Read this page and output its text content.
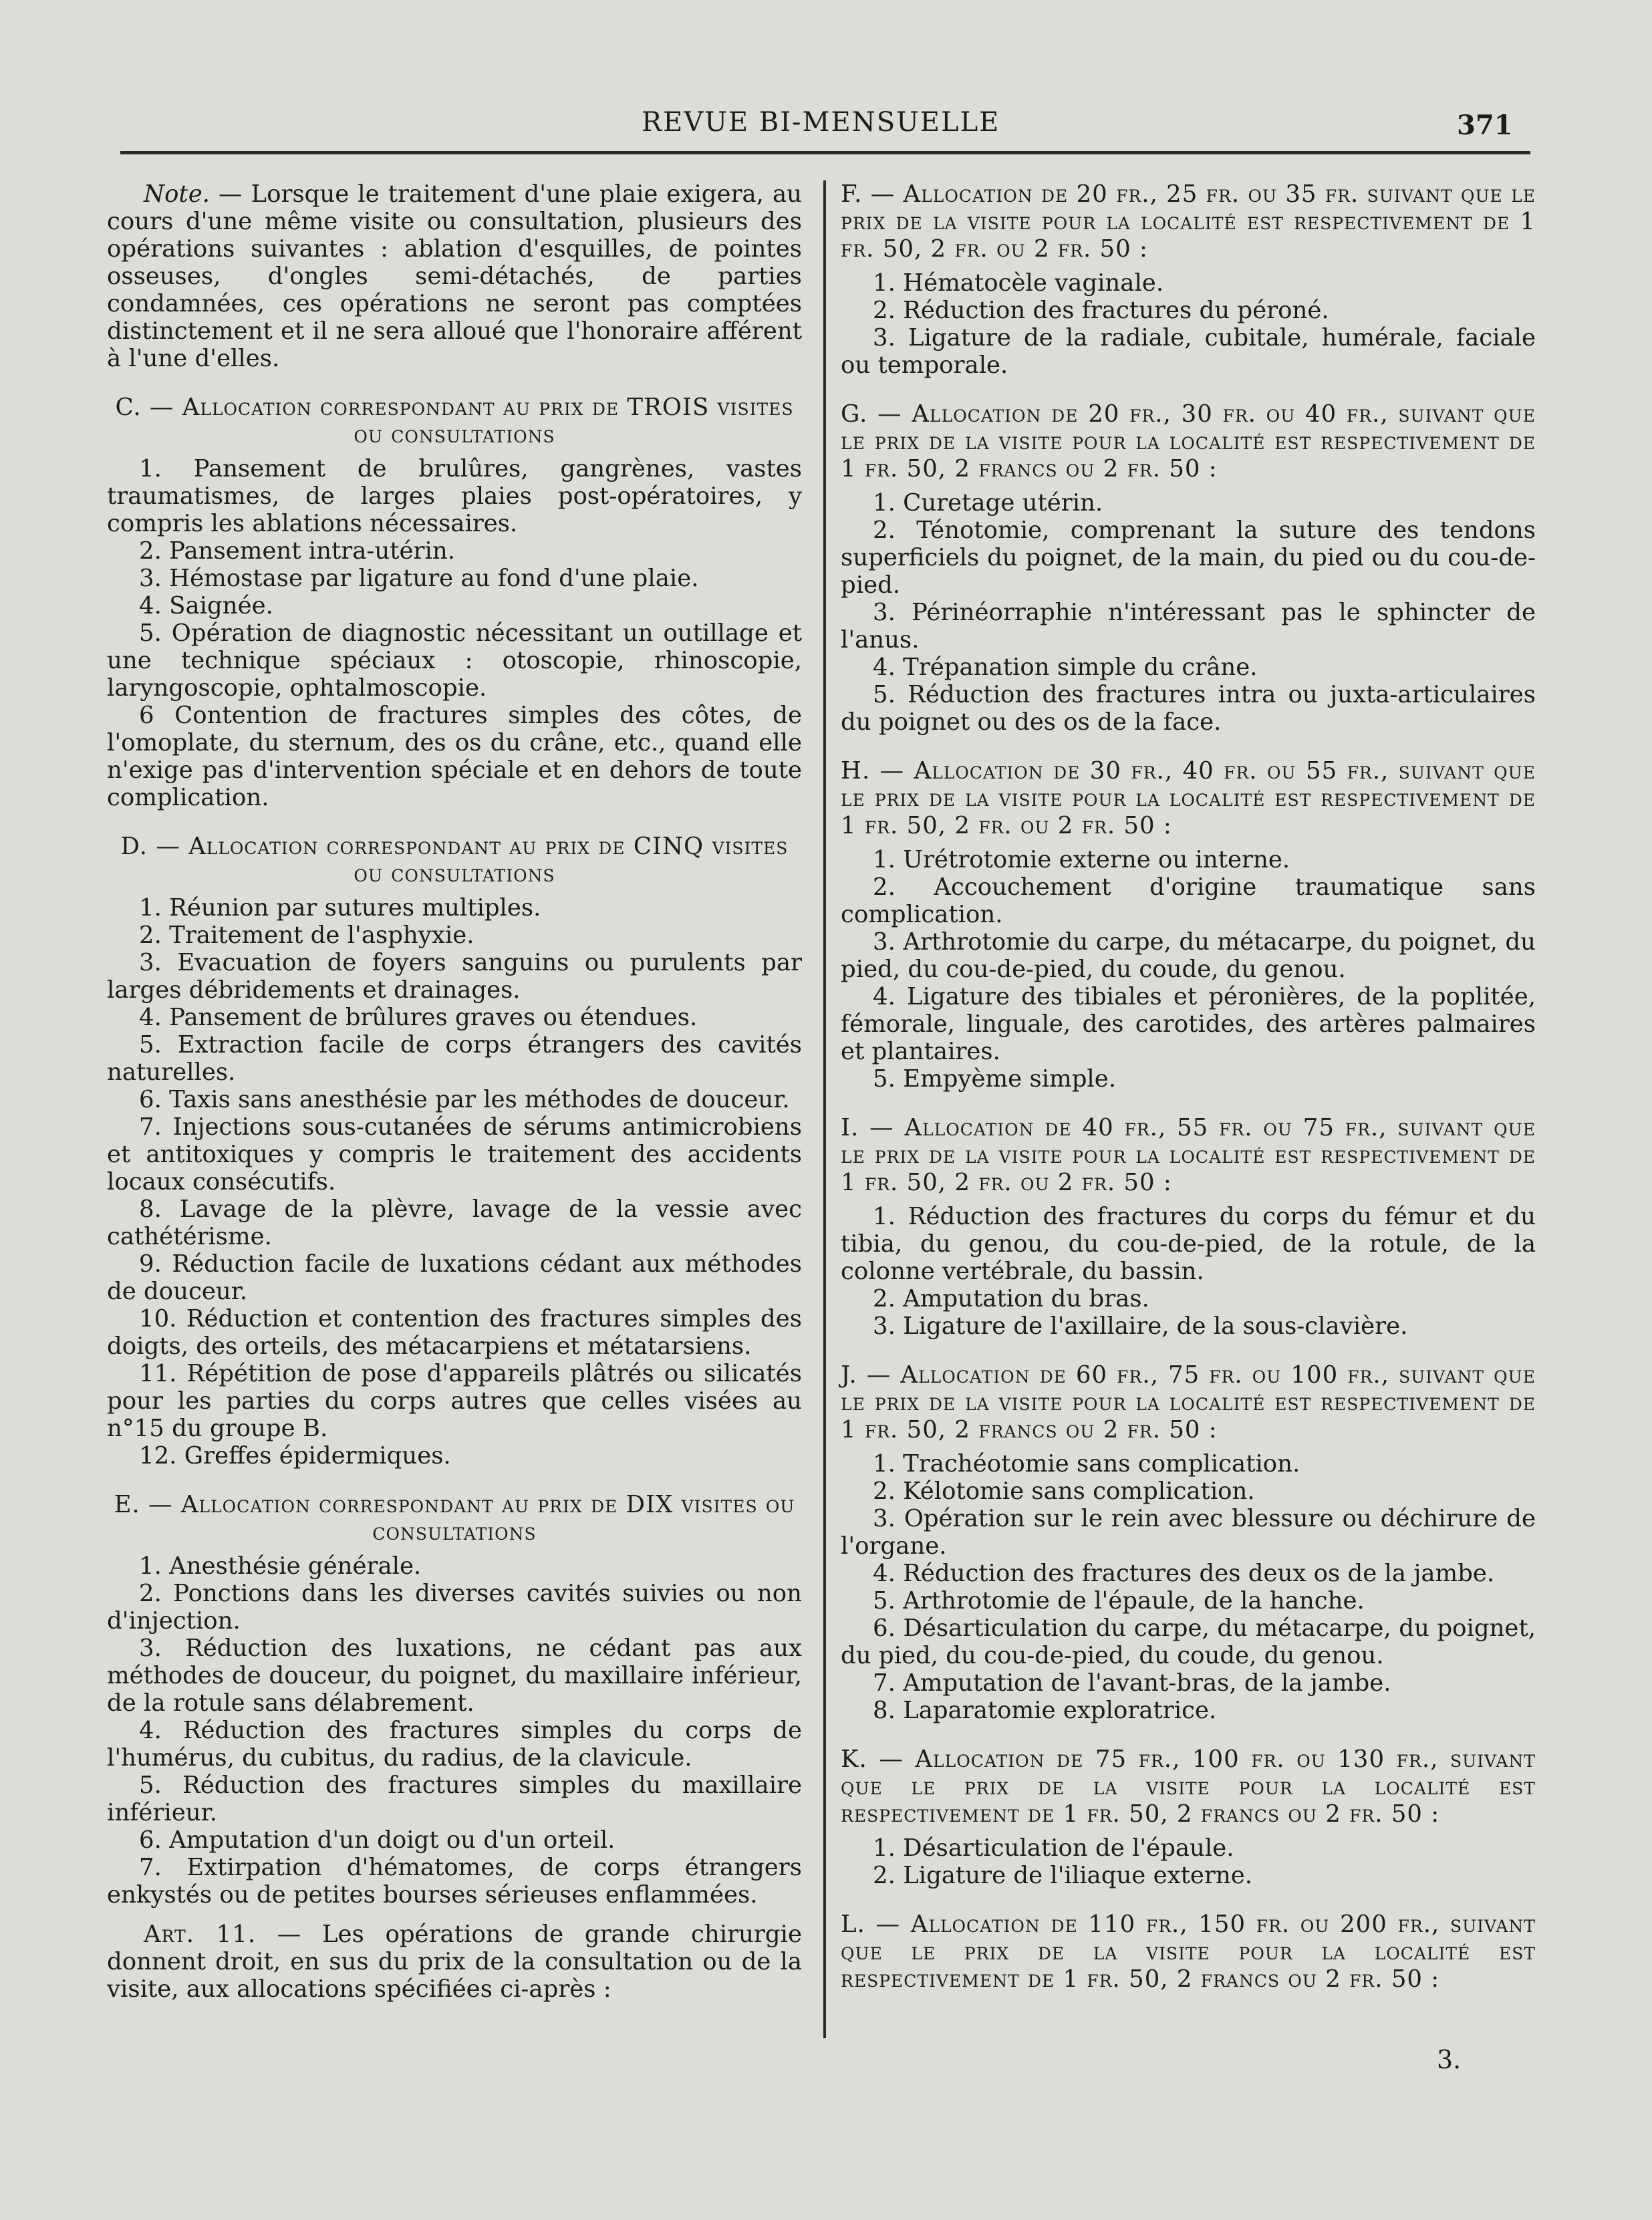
REVUE BI-MENSUELLE	371

Note. — Lorsque le traitement d'une plaie exigera, au cours d'une même visite ou consultation, plusieurs des opérations suivantes : ablation d'esquilles, de pointes osseuses, d'ongles semi-détachés, de parties condamnées, ces opérations ne seront pas comptées distinctement et il ne sera alloué que l'honoraire afférent à l'une d'elles.

C. — Allocation correspondant au prix de TROIS visites ou consultations

1. Pansement de brulûres, gangrènes, vastes traumatismes, de larges plaies post-opératoires, y compris les ablations nécessaires.

2. Pansement intra-utérin.

3. Hémostase par ligature au fond d'une plaie.

4. Saignée.

5. Opération de diagnostic nécessitant un outillage et une technique spéciaux : otoscopie, rhinoscopie, laryngoscopie, ophtalmoscopie.

6 Contention de fractures simples des côtes, de l'omoplate, du sternum, des os du crâne, etc., quand elle n'exige pas d'intervention spéciale et en dehors de toute complication.

D. — Allocation correspondant au prix de CINQ visites ou consultations

1. Réunion par sutures multiples.

2. Traitement de l'asphyxie.

3. Evacuation de foyers sanguins ou purulents par larges débridements et drainages.

4. Pansement de brûlures graves ou étendues.

5. Extraction facile de corps étrangers des cavités naturelles.

6. Taxis sans anesthésie par les méthodes de douceur.

7. Injections sous-cutanées de sérums antimicrobiens et antitoxiques y compris le traitement des accidents locaux consécutifs.

8. Lavage de la plèvre, lavage de la vessie avec cathétérisme.

9. Réduction facile de luxations cédant aux méthodes de douceur.

10. Réduction et contention des fractures simples des doigts, des orteils, des métacarpiens et métatarsiens.

11. Répétition de pose d'appareils plâtrés ou silicatés pour les parties du corps autres que celles visées au n°15 du groupe B.

12. Greffes épidermiques.

E. — Allocation correspondant au prix de DIX visites ou consultations

1. Anesthésie générale.

2. Ponctions dans les diverses cavités suivies ou non d'injection.

3. Réduction des luxations, ne cédant pas aux méthodes de douceur, du poignet, du maxillaire inférieur, de la rotule sans délabrement.

4. Réduction des fractures simples du corps de l'humérus, du cubitus, du radius, de la clavicule.

5. Réduction des fractures simples du maxillaire inférieur.

6. Amputation d'un doigt ou d'un orteil.

7. Extirpation d'hématomes, de corps étrangers enkystés ou de petites bourses sérieuses enflammées.

Art. 11. — Les opérations de grande chirurgie donnent droit, en sus du prix de la consultation ou de la visite, aux allocations spécifiées ci-après :

F. — Allocation de 20 fr., 25 fr. ou 35 fr. suivant que le prix de la visite pour la localité est respectivement de 1 fr. 50, 2 fr. ou 2 fr. 50 :

1. Hématocèle vaginale.

2. Réduction des fractures du péroné.

3. Ligature de la radiale, cubitale, humérale, faciale ou temporale.

G. — Allocation de 20 fr., 30 fr. ou 40 fr., suivant que le prix de la visite pour la localité est respectivement de 1 fr. 50, 2 francs ou 2 fr. 50 :

1. Curetage utérin.

2. Ténotomie, comprenant la suture des tendons superficiels du poignet, de la main, du pied ou du cou-de-pied.

3. Périnéorraphie n'intéressant pas le sphincter de l'anus.

4. Trépanation simple du crâne.

5. Réduction des fractures intra ou juxta-articulaires du poignet ou des os de la face.

H. — Allocation de 30 fr., 40 fr. ou 55 fr., suivant que le prix de la visite pour la localité est respectivement de 1 fr. 50, 2 fr. ou 2 fr. 50 :

1. Urétrotomie externe ou interne.

2. Accouchement d'origine traumatique sans complication.

3. Arthrotomie du carpe, du métacarpe, du poignet, du pied, du cou-de-pied, du coude, du genou.

4. Ligature des tibiales et péronières, de la poplitée, fémorale, linguale, des carotides, des artères palmaires et plantaires.

5. Empyème simple.

I. — Allocation de 40 fr., 55 fr. ou 75 fr., suivant que le prix de la visite pour la localité est respectivement de 1 fr. 50, 2 fr. ou 2 fr. 50 :

1. Réduction des fractures du corps du fémur et du tibia, du genou, du cou-de-pied, de la rotule, de la colonne vertébrale, du bassin.

2. Amputation du bras.

3. Ligature de l'axillaire, de la sous-clavière.

J. — Allocation de 60 fr., 75 fr. ou 100 fr., suivant que le prix de la visite pour la localité est respectivement de 1 fr. 50, 2 francs ou 2 fr. 50 :

1. Trachéotomie sans complication.

2. Kélotomie sans complication.

3. Opération sur le rein avec blessure ou déchirure de l'organe.

4. Réduction des fractures des deux os de la jambe.

5. Arthrotomie de l'épaule, de la hanche.

6. Désarticulation du carpe, du métacarpe, du poignet, du pied, du cou-de-pied, du coude, du genou.

7. Amputation de l'avant-bras, de la jambe.

8. Laparatomie exploratrice.

K. — Allocation de 75 fr., 100 fr. ou 130 fr., suivant que le prix de la visite pour la localité est respectivement de 1 fr. 50, 2 francs ou 2 fr. 50 :

1. Désarticulation de l'épaule.

2. Ligature de l'iliaque externe.

L. — Allocation de 110 fr., 150 fr. ou 200 fr., suivant que le prix de la visite pour la localité est respectivement de 1 fr. 50, 2 francs ou 2 fr. 50 :

3.
